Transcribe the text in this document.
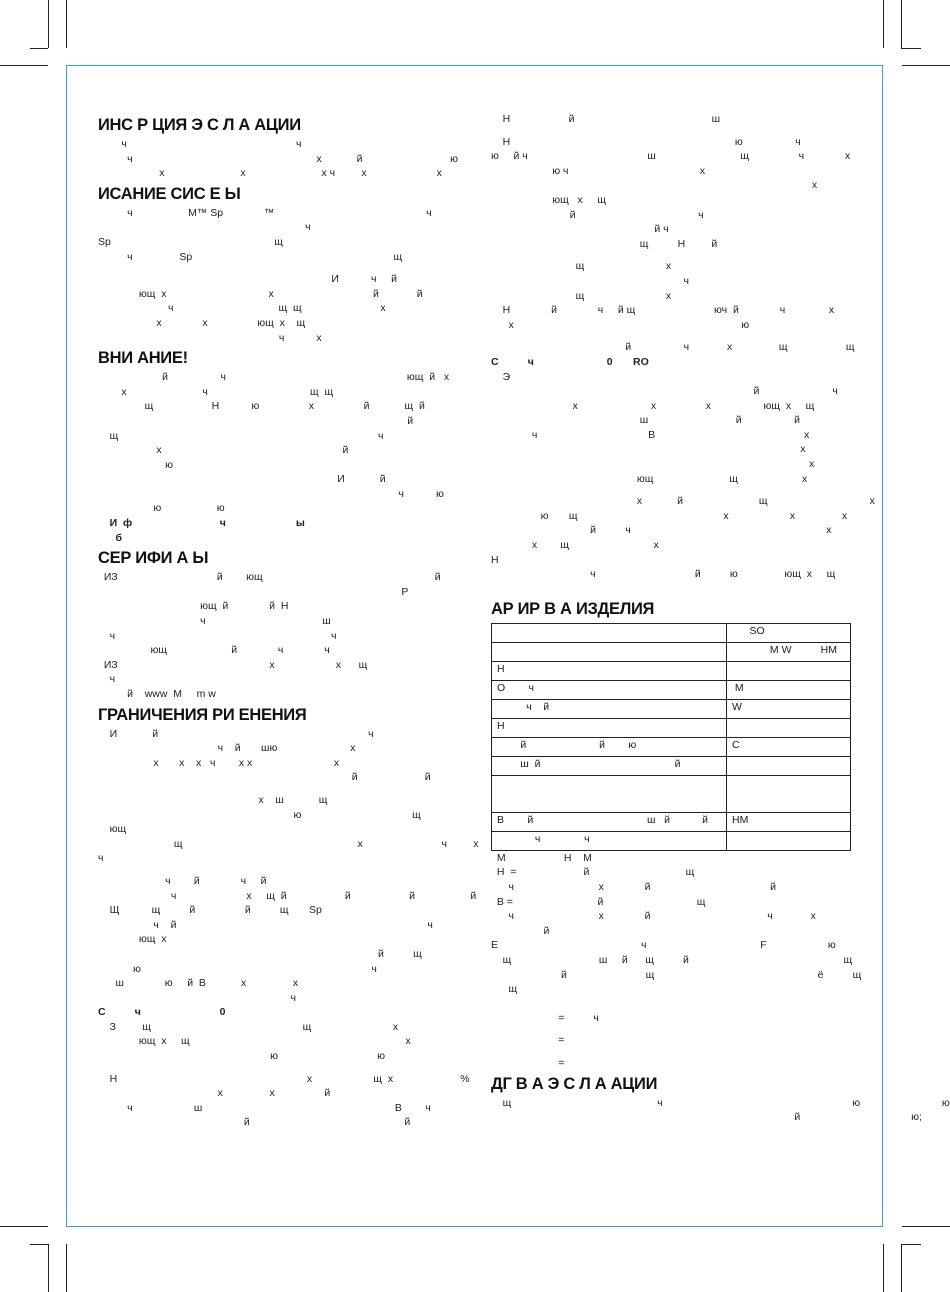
ИНС Р ЦИЯ Э С Л А АЦИИ
ч                                                          ч
ч                                                               х            й                              ю
х                          х                          х ч         х                        х
ИСАНИЕ СИС Е Ы
ч                   M™ Sp              ™                                                    ч
ч
Sp                                                        щ
ч                Sp                                                                     щ
И           ч     й
ющ  х                                   х                                  й             й
ч                                    щ  щ                           х
х              х                 ющ  х    щ
ч           х
ВНИ АНИЕ!
й                  ч                                                              ющ  й   х
х                          ч                                   щ  щ
щ                    Н           ю                 х                 й            щ  й
й
щ                                                                                         ч
х                                                              й
ю
И            й
ч           ю
ю                   ю
И  ф                              ч                        ы
б
СЕР ИФИ А Ы
ИЗ                                  й        ющ                                                           й
Р
ющ  й              й  Н
ч                                        ш
ч                                                                          ч
ющ                      й              ч              ч
ИЗ                                                    х                     х      щ
ч
й    www  M     m w
ГРАНИЧЕНИЯ РИ ЕНЕНИЯ
И            й                                                                        ч
ч    й       шю                         х
х       х    х   ч        х х                            х
й                       й
х    ш            щ
ю                                      щ
ющ
щ                                                            х                           ч         х
ч
ч        й              ч     й
ч                        х     щ  й                    й                    й                   й
Щ           щ          й                 й          щ       Sp
ч    й                                                                                      ч
ющ  х
й          щ
ю                                                                               ч
ш              ю     й  В            х                х
ч
С          ч                           0
З         щ                                                    щ                            х
ющ  х     щ                                                                          х
ю                                  ю
Н                                                                 х                     щ  х                       %
х                х                 й
ч                     ш                                                                  В        ч
й                                                     й
Н                    й                                               ш
Н                                                                             ю                  ч
ю     й ч                                         ш                             щ                 ч              х
ю ч                                             х
х
ющ   х     щ
й                                          ч
й ч
щ          Н         й
щ                            х
ч
щ                            х
Н              й              ч     й щ                           юч  й              ч               х
х                                                                              ю
й                  ч             х                щ                    щ
С          ч                         0       RO
Э
й                         ч
х                         х                 х                  ющ  х     щ
ш                              й                  й
ч                                      В                                                   х
х
х
ющ                          щ                      х
х            й                          щ                                   х
ю       щ                                                  х                     х                х
й          ч                                                                   х
х        щ                             х
Н
ч                                  й          ю                ющ  х     щ
АР ИР В А ИЗДЕЛИЯ
	SO
	M W          HM
Н	
О        ч	M
ч    й	W
Н	
й                         й        ю	С
ш  й                                              й	

В        й                                       ш   й           й	HM
ч               ч	
М                    Н    М
Н  =                       й                                 щ
ч                             х              й                                         й
В =                             й                                щ
ч                             х              й                                        ч             х
й
Е                                                 ч                                       F                     ю
щ                              ш     й      щ          й                                                     щ
й                           щ                                                        ё          щ
щ
=          ч
=
=
ДГ В А Э С Л А АЦИИ
щ                                                  ч                                                                 ю                            ю
й                                      ю;
